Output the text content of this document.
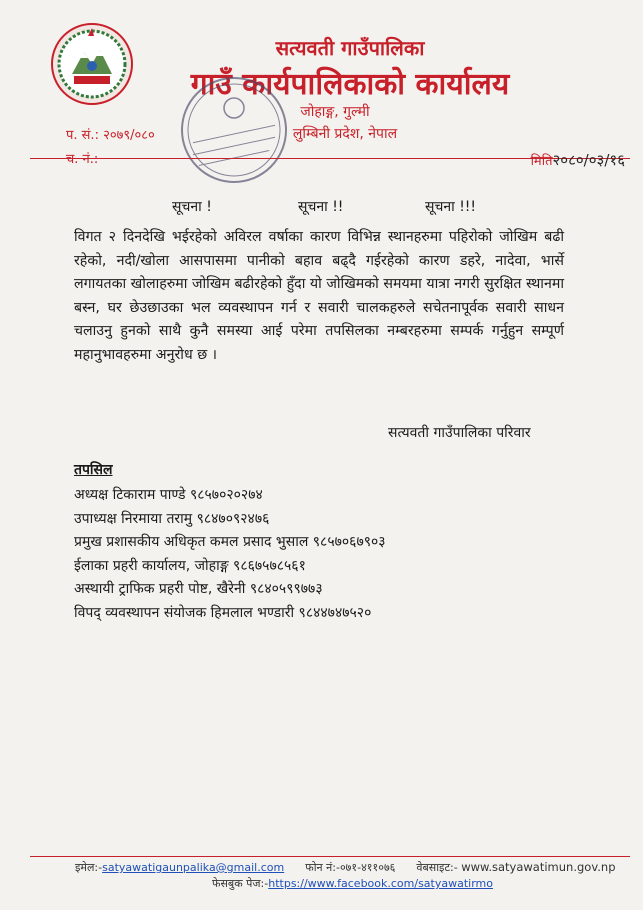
सत्यवती गाउँपालिका
गाउँ कार्यपालिकाको कार्यालय
जोहाङ्ग, गुल्मी
लुम्बिनी प्रदेश, नेपाल
प. सं.: २०७९/०८०
च. नं.:	मिति२०८०/०३/१६
सूचना !	सूचना !!	सूचना !!!
विगत २ दिनदेखि भईरहेको अविरल वर्षाका कारण विभिन्न स्थानहरुमा पहिरोको जोखिम बढी रहेको, नदी/खोला आसपासमा पानीको बहाव बढ्दै गईरहेको कारण डहरे, नादेवा, भार्से लगायतका खोलाहरुमा जोखिम बढीरहेको हुँदा यो जोखिमको समयमा यात्रा नगरी सुरक्षित स्थानमा बस्न, घर छेउछाउका भल व्यवस्थापन गर्न र सवारी चालकहरुले सचेतनापूर्वक सवारी साधन चलाउनु हुनको साथै कुनै समस्या आई परेमा तपसिलका नम्बरहरुमा सम्पर्क गर्नुहुन सम्पूर्ण महानुभावहरुमा अनुरोध छ ।
सत्यवती गाउँपालिका परिवार
तपसिल
अध्यक्ष टिकाराम पाण्डे ९८५७०२०२७४
उपाध्यक्ष निरमाया तरामु ९८४७०९२४७६
प्रमुख प्रशासकीय अधिकृत कमल प्रसाद भुसाल ९८५७०६७९०३
ईलाका प्रहरी कार्यालय, जोहाङ्ग ९८६७५७८५६१
अस्थायी ट्राफिक प्रहरी पोष्ट, खैरेनी ९८४०५९९७७३
विपद् व्यवस्थापन संयोजक हिमलाल भण्डारी ९८४४७४७५२०
इमेल:-satyawatigaunpalika@gmail.com फोन नं:-०७१-४११०७६ वेबसाइट:- www.satyawatimun.gov.np
फेसबुक पेज:-https://www.facebook.com/satyawatirmo
